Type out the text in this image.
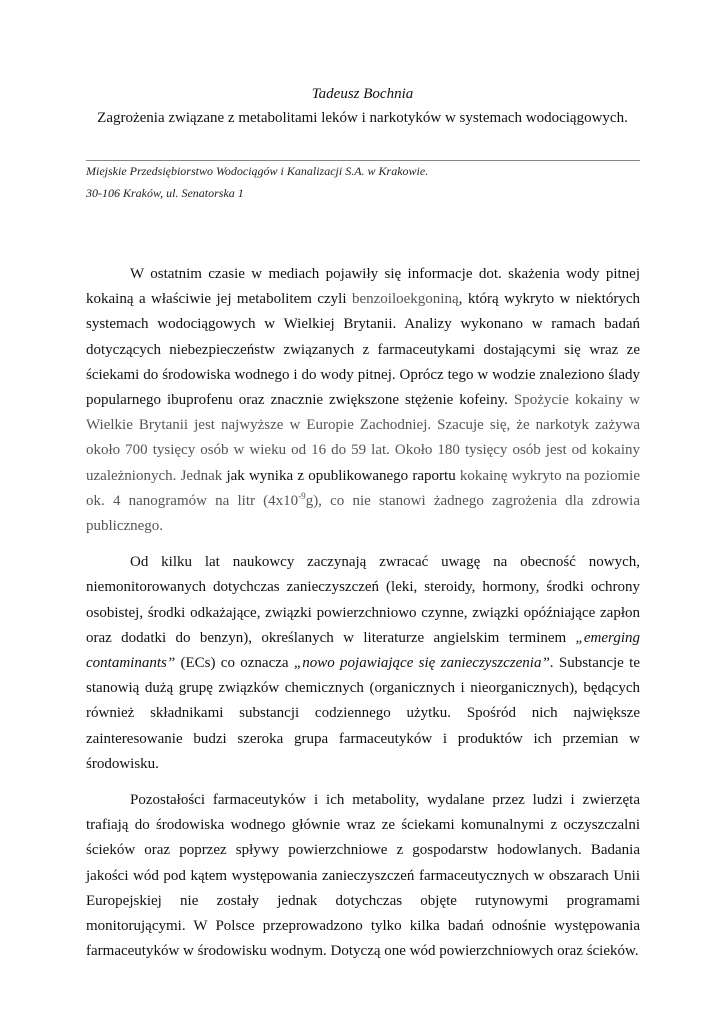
Tadeusz Bochnia
Zagrożenia związane z metabolitami leków i narkotyków w systemach wodociągowych.
Miejskie Przedsiębiorstwo Wodociągów i Kanalizacji S.A. w Krakowie.
30-106 Kraków, ul. Senatorska 1

W ostatnim czasie w mediach pojawiły się informacje dot. skażenia wody pitnej kokainą a właściwie jej metabolitem czyli benzoiloekgoniną, którą wykryto w niektórych systemach wodociągowych w Wielkiej Brytanii. Analizy wykonano w ramach badań dotyczących niebezpieczeństw związanych z farmaceutykami dostającymi się wraz ze ściekami do środowiska wodnego i do wody pitnej. Oprócz tego w wodzie znaleziono ślady popularnego ibuprofenu oraz znacznie zwiększone stężenie kofeiny. Spożycie kokainy w Wielkie Brytanii jest najwyższe w Europie Zachodniej. Szacuje się, że narkotyk zażywa około 700 tysięcy osób w wieku od 16 do 59 lat. Około 180 tysięcy osób jest od kokainy uzależnionych. Jednak jak wynika z opublikowanego raportu kokainę wykryto na poziomie ok. 4 nanogramów na litr $(4x10^{-9}g)$, co nie stanowi żadnego zagrożenia dla zdrowia publicznego.

Od kilku lat naukowcy zaczynają zwracać uwagę na obecność nowych, niemonitorowanych dotychczas zanieczyszczeń (leki, steroidy, hormony, środki ochrony osobistej, środki odkażające, związki powierzchniowo czynne, związki opóźniające zapłon oraz dodatki do benzyn), określanych w literaturze angielskim terminem „emerging contaminants” (ECs) co oznacza „nowo pojawiające się zanieczyszczenia”. Substancje te stanowią dużą grupę związków chemicznych (organicznych i nieorganicznych), będących również składnikami substancji codziennego użytku. Spośród nich największe zainteresowanie budzi szeroka grupa farmaceutyków i produktów ich przemian w środowisku.

Pozostałości farmaceutyków i ich metabolity, wydalane przez ludzi i zwierzęta trafiają do środowiska wodnego głównie wraz ze ściekami komunalnymi z oczyszczalni ścieków oraz poprzez spływy powierzchniowe z gospodarstw hodowlanych. Badania jakości wód pod kątem występowania zanieczyszczeń farmaceutycznych w obszarach Unii Europejskiej nie zostały jednak dotychczas objęte rutynowymi programami monitorującymi. W Polsce przeprowadzono tylko kilka badań odnośnie występowania farmaceutyków w środowisku wodnym. Dotyczą one wód powierzchniowych oraz ścieków.
